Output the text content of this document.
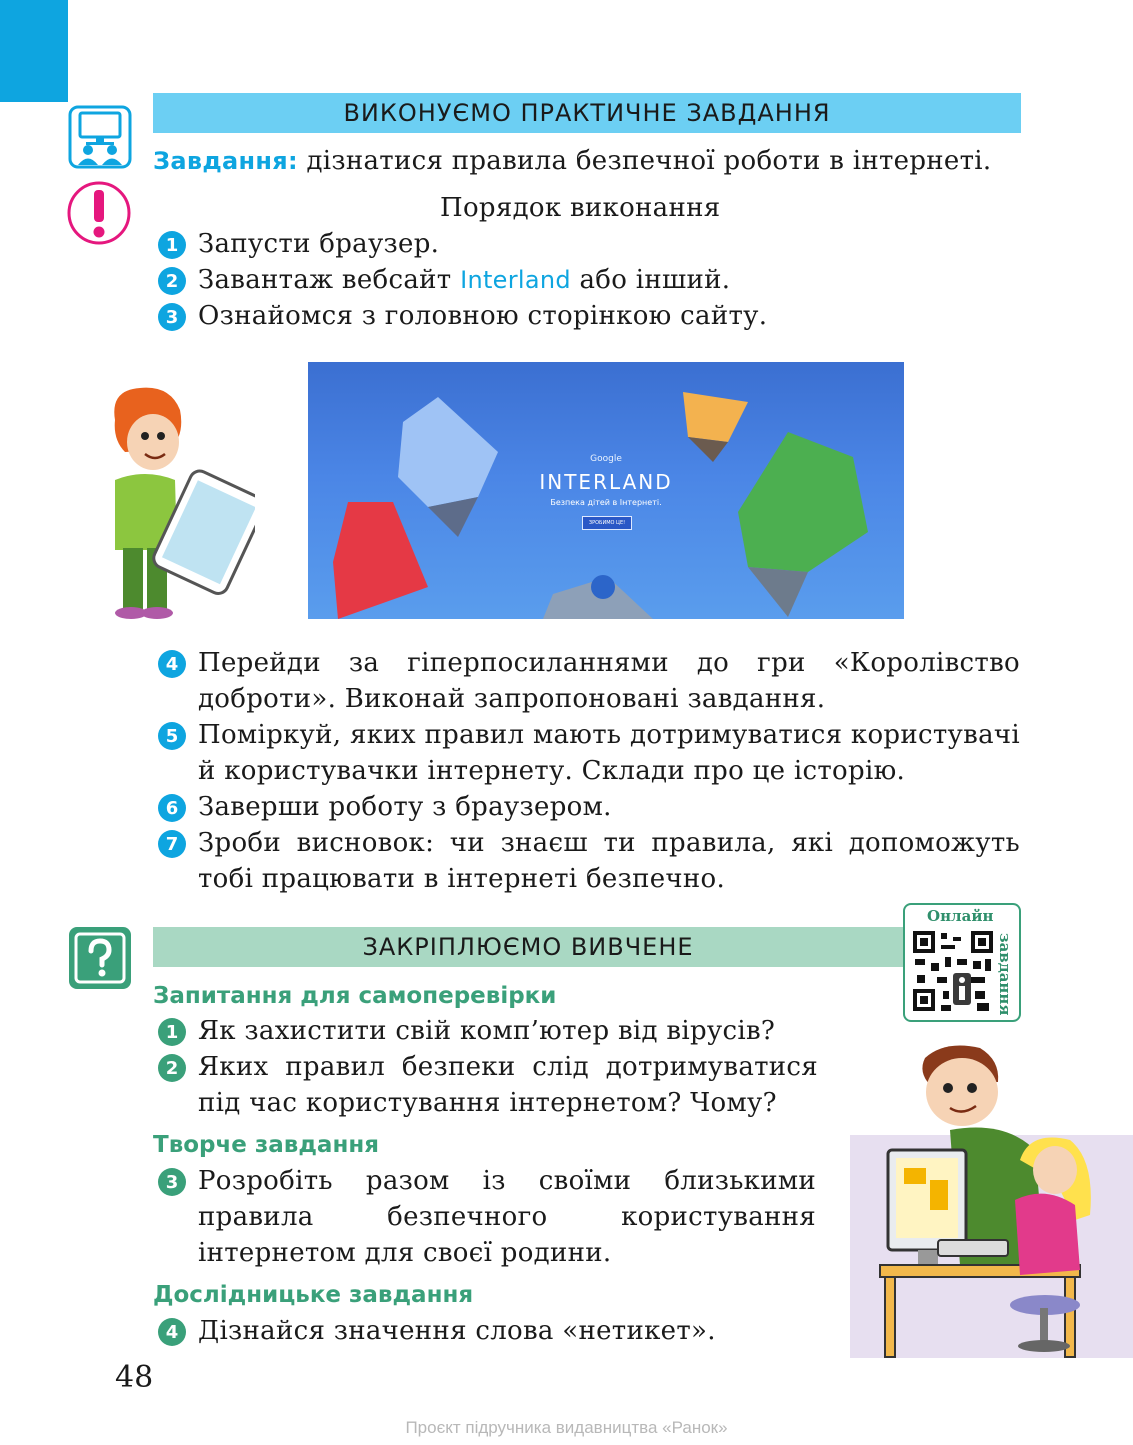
ВИКОНУЄМО ПРАКТИЧНЕ ЗАВДАННЯ
Завдання: дізнатися правила безпечної роботи в інтернеті.
Порядок виконання
1 Запусти браузер.
2 Завантаж вебсайт Interland або інший.
3 Ознайомся з головною сторінкою сайту.
Google
INTERLAND
Безпека дітей в Інтернеті.
ЗРОБИМО ЦЕ!
4 Перейди за гіперпосиланнями до гри «Королівство доброти». Виконай запропоновані завдання.
5 Поміркуй, яких правил мають дотримуватися користувачі й користувачки інтернету. Склади про це історію.
6 Заверши роботу з браузером.
7 Зроби висновок: чи знаєш ти правила, які допоможуть тобі працювати в інтернеті безпечно.
ЗАКРІПЛЮЄМО ВИВЧЕНЕ
Онлайн
завдання
Запитання для самоперевірки
1 Як захистити свій комп’ютер від вірусів?
2 Яких правил безпеки слід дотримуватися під час користування інтернетом? Чому?
Творче завдання
3 Розробіть разом із своїми близькими правила безпечного користування інтернетом для своєї родини.
Дослідницьке завдання
4 Дізнайся значення слова «нетикет».
48
Проєкт підручника видавництва «Ранок»
